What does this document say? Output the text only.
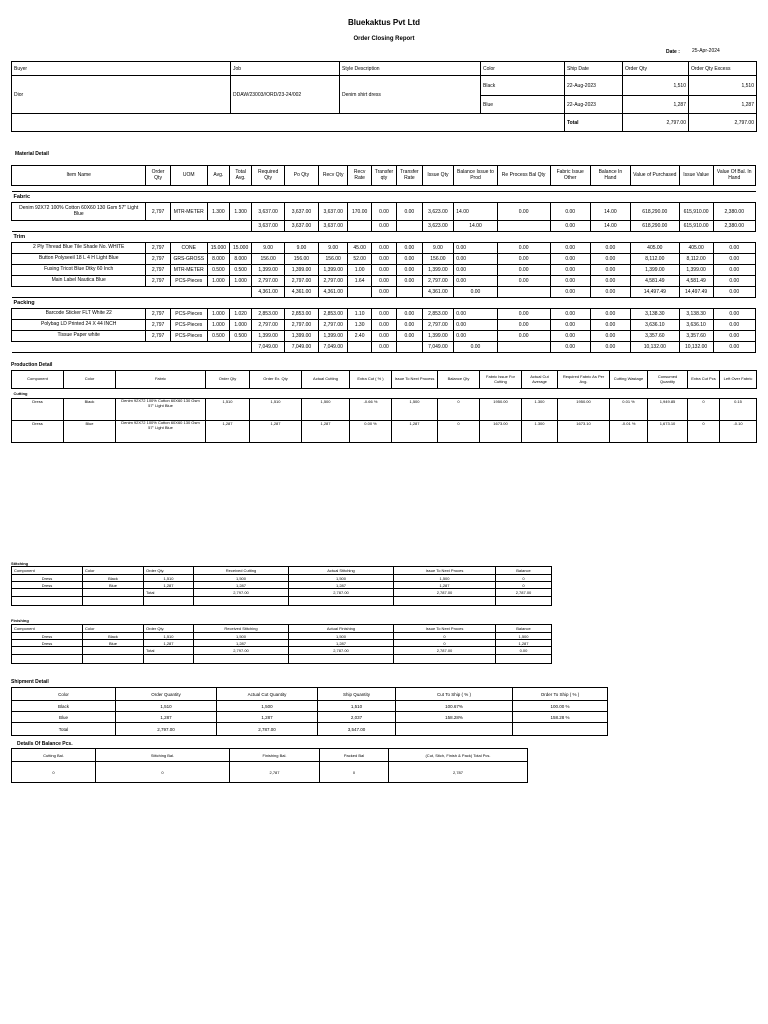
Bluekaktus Pvt Ltd
Order Closing Report
Date : 25-Apr-2024
Buyer	Job	Style Description	Color	Ship Date	Order Qty	Order Qty Excess
Dior	DDAW/23003//ORD/23-24/002	Denim shirt dress	Black	22-Aug-2023	1,510	1,510
			Blue	22-Aug-2023	1,287	1,287
				Total	2,797.00	2,797.00
Material Detail
Item Name	Order Qty	UOM	Avg.	Total Avg.	Required Qty	Po Qty	Recv Qty	Recv Rate	Transfer qty	Transfer Rate	Issue Qty	Balance Issue to Prod	Re Process Bal Qty	Fabric Issue Other	Balance In Hand	Value of Purchased	Issue Value	Value Of Bal. In Hand

Fabric																		
Denim 92X72 100% Cotton 60X60 130 Gsm 57" Light Blue	2,797	MTR-METER	1.300	1.300	3,637.00	3,637.00	3,637.00	170.00	0.00	0.00	3,623.00	14.00	0.00	0.00	14.00	618,290.00	615,910.00	2,380.00
					3,637.00	3,637.00	3,637.00		0.00		3,623.00	14.00		0.00	14.00	618,290.00	615,910.00	2,380.00
Trim																		
2 Ply Thread Blue Tile Shade No. WHITE	2,797	CONE	15.000	15.000	9.00	9.00	9.00	45.00	0.00	0.00	9.00	0.00	0.00	0.00	0.00	405.00	405.00	0.00
Button Polyseeil 18 L 4 H Light Blue	2,797	GRS-GROSS	8.000	8.000	156.00	156.00	156.00	52.00	0.00	0.00	156.00	0.00	0.00	0.00	0.00	8,112.00	8,112.00	0.00
Fusing Tricot Blue Dtky 60 Inch	2,797	MTR-METER	0.500	0.500	1,399.00	1,399.00	1,399.00	1.00	0.00	0.00	1,399.00	0.00	0.00	0.00	0.00	1,399.00	1,399.00	0.00
Main Label Nautica Blue	2,797	PCS-Pieces	1.000	1.000	2,797.00	2,797.00	2,797.00	1.64	0.00	0.00	2,797.00	0.00	0.00	0.00	0.00	4,581.49	4,581.49	0.00
					4,361.00	4,361.00	4,361.00		0.00		4,361.00	0.00		0.00	0.00	14,497.49	14,497.49	0.00
Packing																		
Barcode Sticker FLT White 22	2,797	PCS-Pieces	1.000	1.020	2,853.00	2,853.00	2,853.00	1.10	0.00	0.00	2,853.00	0.00	0.00	0.00	0.00	3,138.30	3,138.30	0.00
Polybag LD Printed 24 X 44 INCH	2,797	PCS-Pieces	1.000	1.000	2,797.00	2,797.00	2,797.00	1.30	0.00	0.00	2,797.00	0.00	0.00	0.00	0.00	3,636.10	3,636.10	0.00
Tissue Paper white	2,797	PCS-Pieces	0.500	0.500	1,399.00	1,399.00	1,399.00	2.40	0.00	0.00	1,399.00	0.00	0.00	0.00	0.00	3,357.60	3,357.60	0.00
					7,049.00	7,049.00	7,049.00		0.00		7,049.00	0.00		0.00	0.00	10,132.00	10,132.00	0.00
Production Detail
Component	Color	Fabric	Order Qty	Order Ex. Qty	Actual Cutting	Extra Cut ( % )	Issue To Next Process	Balance Qty	Fabric Issue For Cutting	Actual Cut Average	Required Fabric As Per Avg.	Cutting Wastage	Consumed Quantity	Extra Cut Pcs	Left Over Fabric
Cutting															
Dress	Black	Denim 92X72 100% Cotton 60X60 130 Gsm 57" Light Blue	1,510	1,510	1,500	-0.66 %	1,500	0	1950.00	1.300	1950.00	0.01 %	1,949.85	0	0.15
Dress	Blue	Denim 92X72 100% Cotton 60X60 130 Gsm 57" Light Blue	1,287	1,287	1,287	0.00 %	1,287	0	1673.00	1.300	1673.10	-0.01 %	1,673.10	0	-0.10
Stitching
Component	Color	Order Qty.	Received Cutting	Actual Stitching	Issue To Next Proces	Balance	
Dress	Black	1,510	1,500	1,500	1,500	0	
Dress	Blue	1,287	1,287	1,287	1,287	0	
		Total	2,797.00	2,787.00	2,787.00	2,787.00	

Finishing
Component	Color	Order Qty.	Received Stitching	Actual Finishing	Issue To Next Proces	Balance	
Dress	Black	1,510	1,500	1,500	0	1,500	
Dress	Blue	1,287	1,287	1,287	0	1,287	
		Total	2,797.00	2,787.00	2,787.00	0.00	

Shipment Detail
Color	Order Quantity	Actual Cut Quantity	Ship Quantity	Cut To Ship ( % )	Order To Ship ( % )
Black	1,510	1,500	1,510	100.67%	100.00 %
Blue	1,287	1,287	2,037	158.28%	158.28 %
Total	2,797.00	2,787.00	3,547.00		
Details Of Balance Pcs.
Cutting Bal.	Stitching Bal.	Finishing Bal.	Packed Bal	(Cut, Stich, Finish & Pack) Total Pcs.
0	0	2,787	0	2,787
